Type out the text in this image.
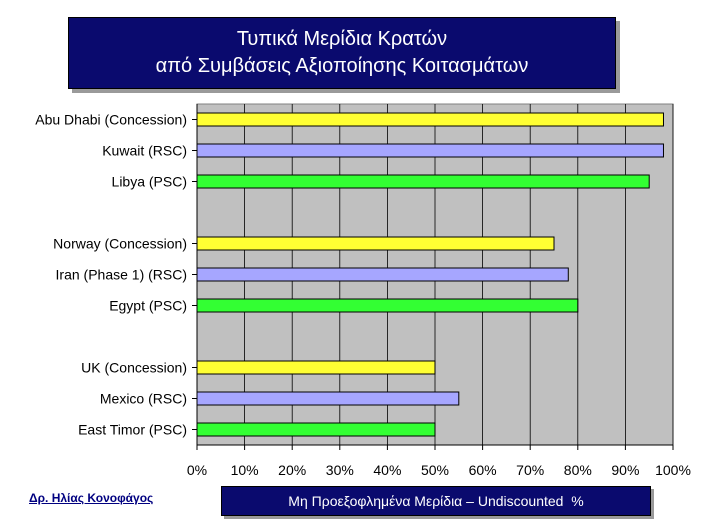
Τυπικά Μερίδια Κρατών
από Συμβάσεις Αξιοποίησης Κοιτασμάτων
Abu Dhabi (Concession)
Kuwait (RSC)
Libya (PSC)
Norway (Concession)
Iran (Phase 1) (RSC)
Egypt (PSC)
UK (Concession)
Mexico (RSC)
East Timor (PSC)
0% 10% 20% 30% 40% 50% 60% 70% 80% 90% 100%
Δρ. Ηλίας Κονοφάγος	Μη Προεξοφλημένα Μερίδια – Undiscounted  %
